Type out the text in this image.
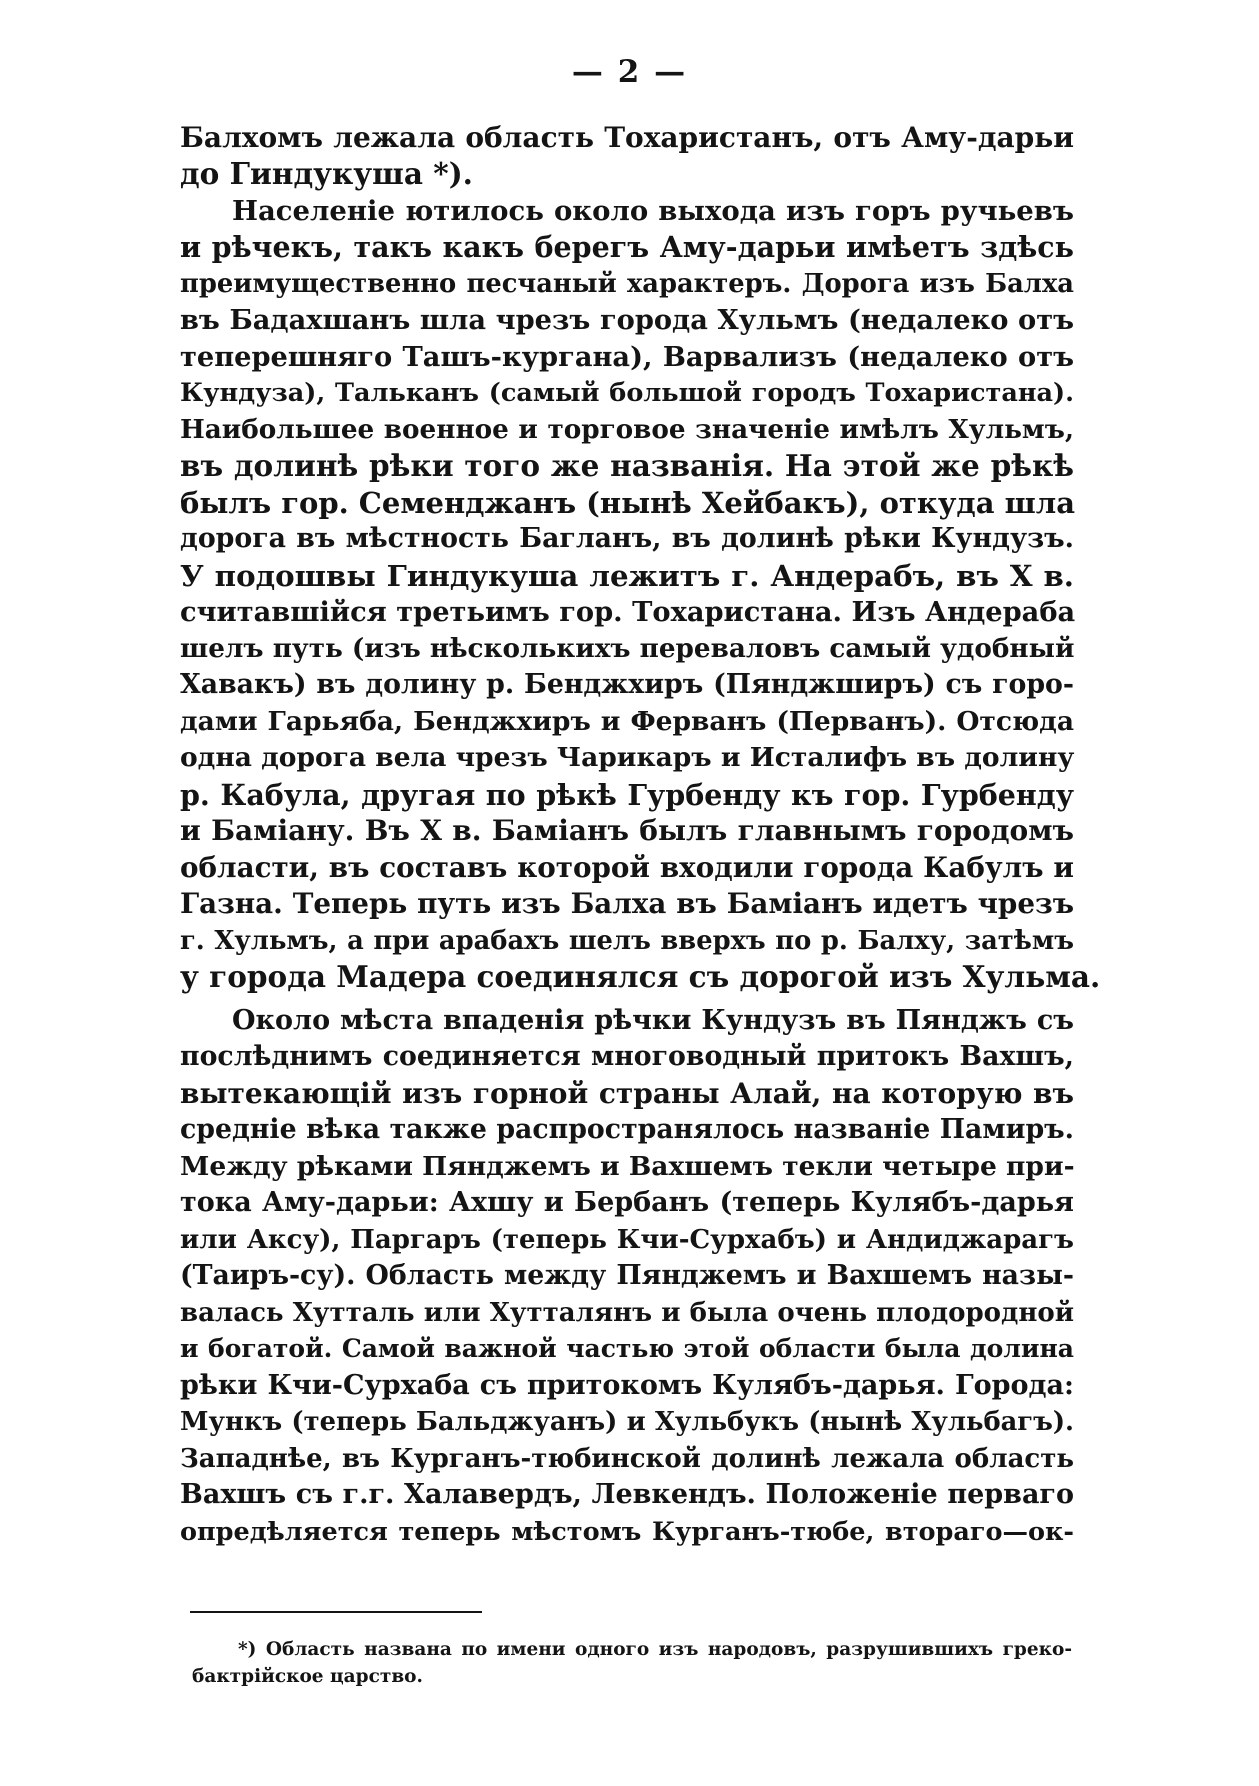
— 2 —
Балхомъ лежала область Тохаристанъ, отъ Аму-дарьи
до Гиндукуша *).
Населеніе ютилось около выхода изъ горъ ручьевъ
и рѣчекъ, такъ какъ берегъ Аму-дарьи имѣетъ здѣсь
преимущественно песчаный характеръ. Дорога изъ Балха
въ Бадахшанъ шла чрезъ города Хульмъ (недалеко отъ
теперешняго Ташъ-кургана), Варвализъ (недалеко отъ
Кундуза), Тальканъ (самый большой городъ Тохаристана).
Наибольшее военное и торговое значеніе имѣлъ Хульмъ,
въ долинѣ рѣки того же названія. На этой же рѣкѣ
былъ гор. Семенджанъ (нынѣ Хейбакъ), откуда шла
дорога въ мѣстность Багланъ, въ долинѣ рѣки Кундузъ.
У подошвы Гиндукуша лежитъ г. Андерабъ, въ X в.
считавшійся третьимъ гор. Тохаристана. Изъ Андераба
шелъ путь (изъ нѣсколькихъ переваловъ самый удобный
Хавакъ) въ долину р. Бенджхиръ (Пянджширъ) съ горо-
дами Гарьяба, Бенджхиръ и Ферванъ (Перванъ). Отсюда
одна дорога вела чрезъ Чарикаръ и Исталифъ въ долину
р. Кабула, другая по рѣкѣ Гурбенду къ гор. Гурбенду
и Баміану. Въ X в. Баміанъ былъ главнымъ городомъ
области, въ составъ которой входили города Кабулъ и
Газна. Теперь путь изъ Балха въ Баміанъ идетъ чрезъ
г. Хульмъ, а при арабахъ шелъ вверхъ по р. Балху, затѣмъ
у города Мадера соединялся съ дорогой изъ Хульма.
Около мѣста впаденія рѣчки Кундузъ въ Пянджъ съ
послѣднимъ соединяется многоводный притокъ Вахшъ,
вытекающій изъ горной страны Алай, на которую въ
средніе вѣка также распространялось названіе Памиръ.
Между рѣками Пянджемъ и Вахшемъ текли четыре при-
тока Аму-дарьи: Ахшу и Бербанъ (теперь Кулябъ-дарья
или Аксу), Паргаръ (теперь Кчи-Сурхабъ) и Андиджарагъ
(Таиръ-су). Область между Пянджемъ и Вахшемъ назы-
валась Хутталь или Хутталянъ и была очень плодородной
и богатой. Самой важной частью этой области была долина
рѣки Кчи-Сурхаба съ притокомъ Кулябъ-дарья. Города:
Мункъ (теперь Бальджуанъ) и Хульбукъ (нынѣ Хульбагъ).
Западнѣе, въ Курганъ-тюбинской долинѣ лежала область
Вахшъ съ г.г. Халавердъ, Левкендъ. Положеніе перваго
опредѣляется теперь мѣстомъ Курганъ-тюбе, втораго—ок-
*) Область названа по имени одного изъ народовъ, разрушившихъ греко-
бактрійское царство.
